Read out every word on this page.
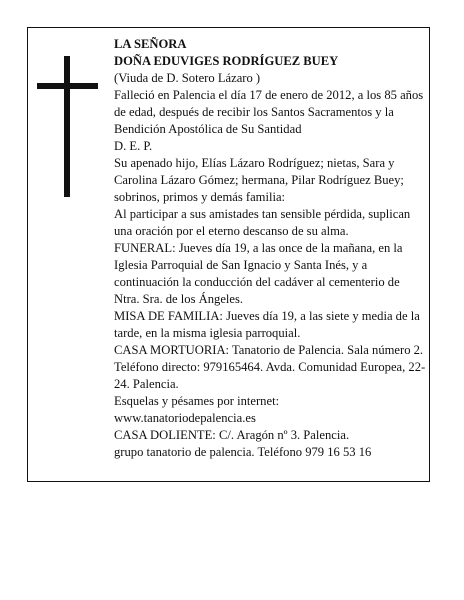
LA SEÑORA

DOÑA EDUVIGES RODRÍGUEZ BUEY

(Viuda de D. Sotero Lázaro )

Falleció en Palencia el día 17 de enero de 2012, a los 85 años de edad, después de recibir los Santos Sacramentos y la Bendición Apostólica de Su Santidad

D. E. P.

Su apenado hijo, Elías Lázaro Rodríguez; nietas, Sara y Carolina Lázaro Gómez; hermana, Pilar Rodríguez Buey; sobrinos, primos y demás familia:

Al participar a sus amistades tan sensible pérdida, suplican una oración por el eterno descanso de su alma.

FUNERAL: Jueves día 19, a las once de la mañana, en la Iglesia Parroquial de San Ignacio y Santa Inés, y a continuación la conducción del cadáver al cementerio de Ntra. Sra. de los Ángeles.

MISA DE FAMILIA: Jueves día 19, a las siete y media de la tarde, en la misma iglesia parroquial.

CASA MORTUORIA: Tanatorio de Palencia. Sala número 2. Teléfono directo: 979165464. Avda. Comunidad Europea, 22-24. Palencia.

Esquelas y pésames por internet:

www.tanatoriodepalencia.es

CASA DOLIENTE: C/. Aragón nº 3. Palencia.

grupo tanatorio de palencia. Teléfono 979 16 53 16
